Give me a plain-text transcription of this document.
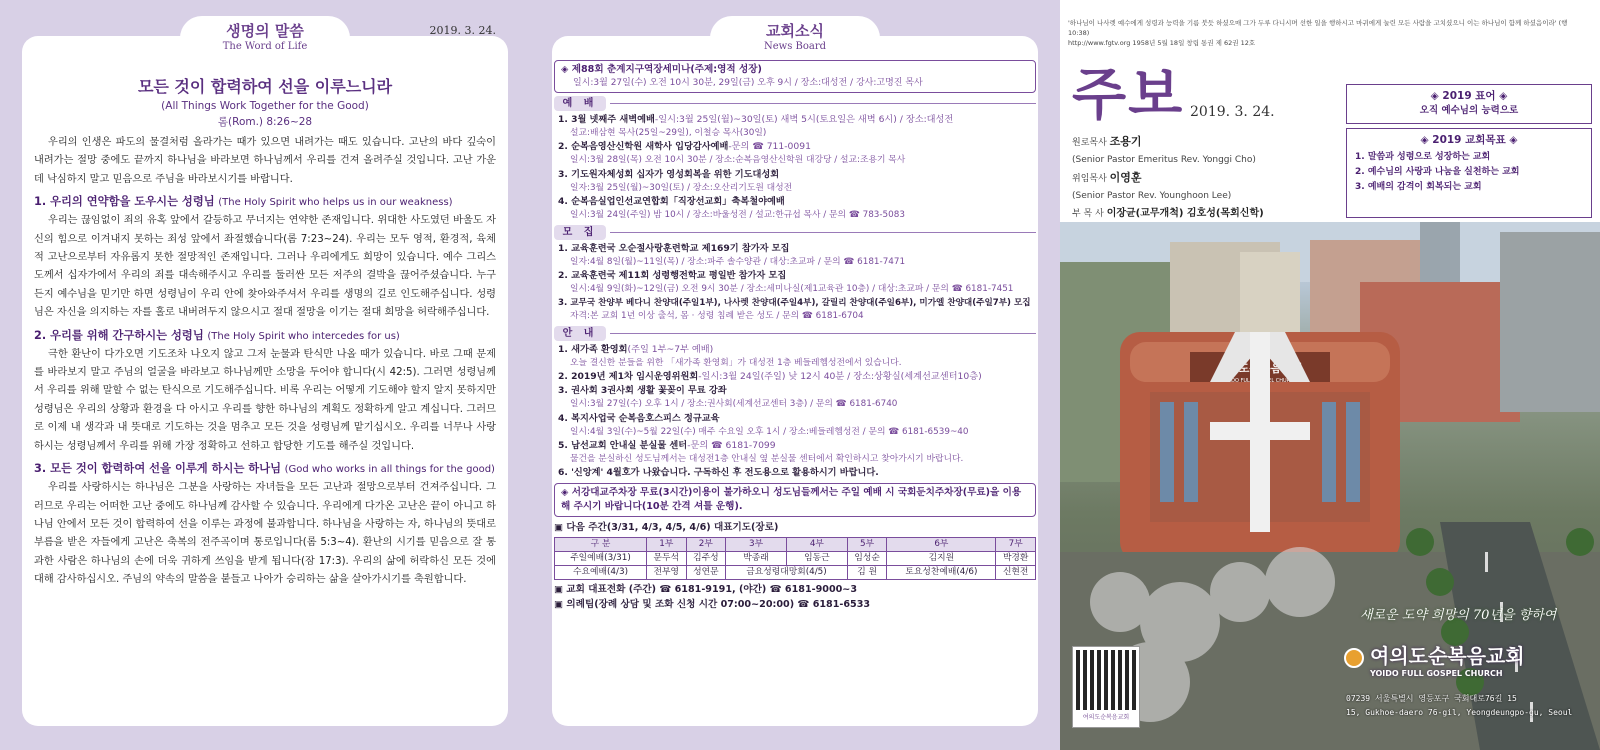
생명의 말씀
The Word of Life
2019. 3. 24.
모든 것이 합력하여 선을 이루느니라
(All Things Work Together for the Good)
롬(Rom.) 8:26~28
우리의 인생은 파도의 물결처럼 올라가는 때가 있으면 내려가는 때도 있습니다. 고난의 바다 깊숙이 내려가는 절망 중에도 끝까지 하나님을 바라보면 하나님께서 우리를 건져 올려주실 것입니다. 고난 가운데 낙심하지 말고 믿음으로 주님을 바라보시기를 바랍니다.
1. 우리의 연약함을 도우시는 성령님 (The Holy Spirit who helps us in our weakness)
우리는 끊임없이 죄의 유혹 앞에서 갈등하고 무너지는 연약한 존재입니다. 위대한 사도였던 바울도 자신의 힘으로 이겨내지 못하는 죄성 앞에서 좌절했습니다(롬 7:23~24). 우리는 모두 영적, 환경적, 육체적 고난으로부터 자유롭지 못한 절망적인 존재입니다. 그러나 우리에게도 희망이 있습니다. 예수 그리스도께서 십자가에서 우리의 죄를 대속해주시고 우리를 둘러싼 모든 저주의 결박을 끊어주셨습니다. 누구든지 예수님을 믿기만 하면 성령님이 우리 안에 찾아와주셔서 우리를 생명의 길로 인도해주십니다. 성령님은 자신을 의지하는 자를 홀로 내버려두지 않으시고 절대 절망을 이기는 절대 희망을 허락해주십니다.
2. 우리를 위해 간구하시는 성령님 (The Holy Spirit who intercedes for us)
극한 환난이 다가오면 기도조차 나오지 않고 그저 눈물과 탄식만 나올 때가 있습니다. 바로 그때 문제를 바라보지 말고 주님의 얼굴을 바라보고 하나님께만 소망을 두어야 합니다(시 42:5). 그러면 성령님께서 우리를 위해 말할 수 없는 탄식으로 기도해주십니다. 비록 우리는 어떻게 기도해야 할지 알지 못하지만 성령님은 우리의 상황과 환경을 다 아시고 우리를 향한 하나님의 계획도 정확하게 알고 계십니다. 그러므로 이제 내 생각과 내 뜻대로 기도하는 것을 멈추고 모든 것을 성령님께 맡기십시오. 우리를 너무나 사랑하시는 성령님께서 우리를 위해 가장 정확하고 선하고 합당한 기도를 해주실 것입니다.
3. 모든 것이 합력하여 선을 이루게 하시는 하나님 (God who works in all things for the good)
우리를 사랑하시는 하나님은 그분을 사랑하는 자녀들을 모든 고난과 절망으로부터 건져주십니다. 그러므로 우리는 어떠한 고난 중에도 하나님께 감사할 수 있습니다. 우리에게 다가온 고난은 끝이 아니고 하나님 안에서 모든 것이 합력하여 선을 이루는 과정에 불과합니다. 하나님을 사랑하는 자, 하나님의 뜻대로 부름을 받은 자들에게 고난은 축복의 전주곡이며 통로입니다(롬 5:3~4). 환난의 시기를 믿음으로 잘 통과한 사람은 하나님의 손에 더욱 귀하게 쓰임을 받게 됩니다(잠 17:3). 우리의 삶에 허락하신 모든 것에 대해 감사하십시오. 주님의 약속의 말씀을 붙들고 나아가 승리하는 삶을 살아가시기를 축원합니다.
교회소식
News Board
◈ 제88회 춘계지구역장세미나(주제:영적 성장)
일시:3월 27일(수) 오전 10시 30분, 29일(금) 오후 9시 / 장소:대성전 / 강사:고명진 목사
예 배
1. 3월 넷째주 새벽예배-일시:3월 25일(월)~30일(토) 새벽 5시(토요일은 새벽 6시) / 장소:대성전
설교:배삼현 목사(25일~29일), 이철승 목사(30일)
2. 순복음영산신학원 새학사 입당감사예배-문의 ☎ 711-0091
일시:3월 28일(목) 오전 10시 30분 / 장소:순복음영산신학원 대강당 / 설교:조용기 목사
3. 기도원자체성회 십자가 영성회복을 위한 기도대성회
일자:3월 25일(월)~30일(토) / 장소:오산리기도원 대성전
4. 순복음실업인선교연합회「직장선교회」축복철야예배
일시:3월 24일(주일) 밤 10시 / 장소:바울성전 / 설교:한규섭 목사 / 문의 ☎ 783-5083
모 집
1. 교육훈련국 오순절사랑훈련학교 제169기 참가자 모집
일자:4월 8일(월)~11일(목) / 장소:파주 솔수양관 / 대상:초교파 / 문의 ☎ 6181-7471
2. 교육훈련국 제11회 성령행전학교 평일반 참가자 모집
일시:4월 9일(화)~12일(금) 오전 9시 30분 / 장소:세미나실(제1교육관 10층) / 대상:초교파 / 문의 ☎ 6181-7451
3. 교무국 찬양부 베다니 찬양대(주일1부), 나사렛 찬양대(주일4부), 갈릴리 찬양대(주일6부), 미가엘 찬양대(주일7부) 모집
자격:본 교회 1년 이상 출석, 몸 · 성령 침례 받은 성도 / 문의 ☎ 6181-6704
안 내
1. 새가족 환영회(주일 1부~7부 예배)
오늘 결신한 분들을 위한 「새가족 환영회」가 대성전 1층 베들레헴성전에서 있습니다.
2. 2019년 제1차 임시운영위원회-일시:3월 24일(주일) 낮 12시 40분 / 장소:상황실(세계선교센터10층)
3. 권사회 3권사회 생활 꽃꽂이 무료 강좌
일시:3월 27일(수) 오후 1시 / 장소:권사회(세계선교센터 3층) / 문의 ☎ 6181-6740
4. 복지사업국 순복음호스피스 정규교육
일시:4월 3일(수)~5월 22일(수) 매주 수요일 오후 1시 / 장소:베들레헴성전 / 문의 ☎ 6181-6539~40
5. 남선교회 안내실 분실물 센터-문의 ☎ 6181-7099
물건을 분실하신 성도님께서는 대성전1층 안내실 옆 분실물 센터에서 확인하시고 찾아가시기 바랍니다.
6. '신앙계' 4월호가 나왔습니다. 구독하신 후 전도용으로 활용하시기 바랍니다.
◈ 서강대교주차장 무료(3시간)이용이 불가하오니 성도님들께서는 주일 예배 시 국회둔치주차장(무료)을 이용해 주시기 바랍니다(10분 간격 셔틀 운행).
▣ 다음 주간(3/31, 4/3, 4/5, 4/6) 대표기도(장로)
구 분	1부	2부	3부	4부	5부	6부	7부
주일예배(3/31)	문두석	김주성	박종래	임동근	임성순	김지원	박경환
수요예배(4/3)	전부영	성연문	금요성령대망회(4/5)		김 원	토요성찬예배(4/6)	신현전
▣ 교회 대표전화 (주간) ☎ 6181-9191, (야간) ☎ 6181-9000~3
▣ 의례팀(장례 상담 및 조화 신청 시간 07:00~20:00) ☎ 6181-6533
'하나님이 나사렛 예수에게 성령과 능력을 기름 붓듯 하셨으매 그가 두루 다니시며 선한 일을 행하시고 마귀에게 눌린 모든 사람을 고치셨으니 이는 하나님이 함께 하셨음이라' (행 10:38)
http://www.fgtv.org 1958년 5월 18일 창립 통권 제 62권 12호
주보 2019. 3. 24.
원로목사 조용기
(Senior Pastor Emeritus Rev. Yonggi Cho)
위임목사 이영훈
(Senior Pastor Rev. Younghoon Lee)
부 목 사 이장균(교무개척) 김호성(목회신학)
◈ 2019 표어 ◈
오직 예수님의 능력으로
◈ 2019 교회목표 ◈
1. 말씀과 성령으로 성장하는 교회
2. 예수님의 사랑과 나눔을 실천하는 교회
3. 예배의 감격이 회복되는 교회
YOIDO FULL CHURCH
새로운 도약 희망의 70년을 향하여
여의도순복음교회
여의도순복음교회
YOIDO FULL GOSPEL CHURCH
07239 서울특별시 영등포구 국회대로76길 15
15, Gukhoe-daero 76-gil, Yeongdeungpo-gu, Seoul
